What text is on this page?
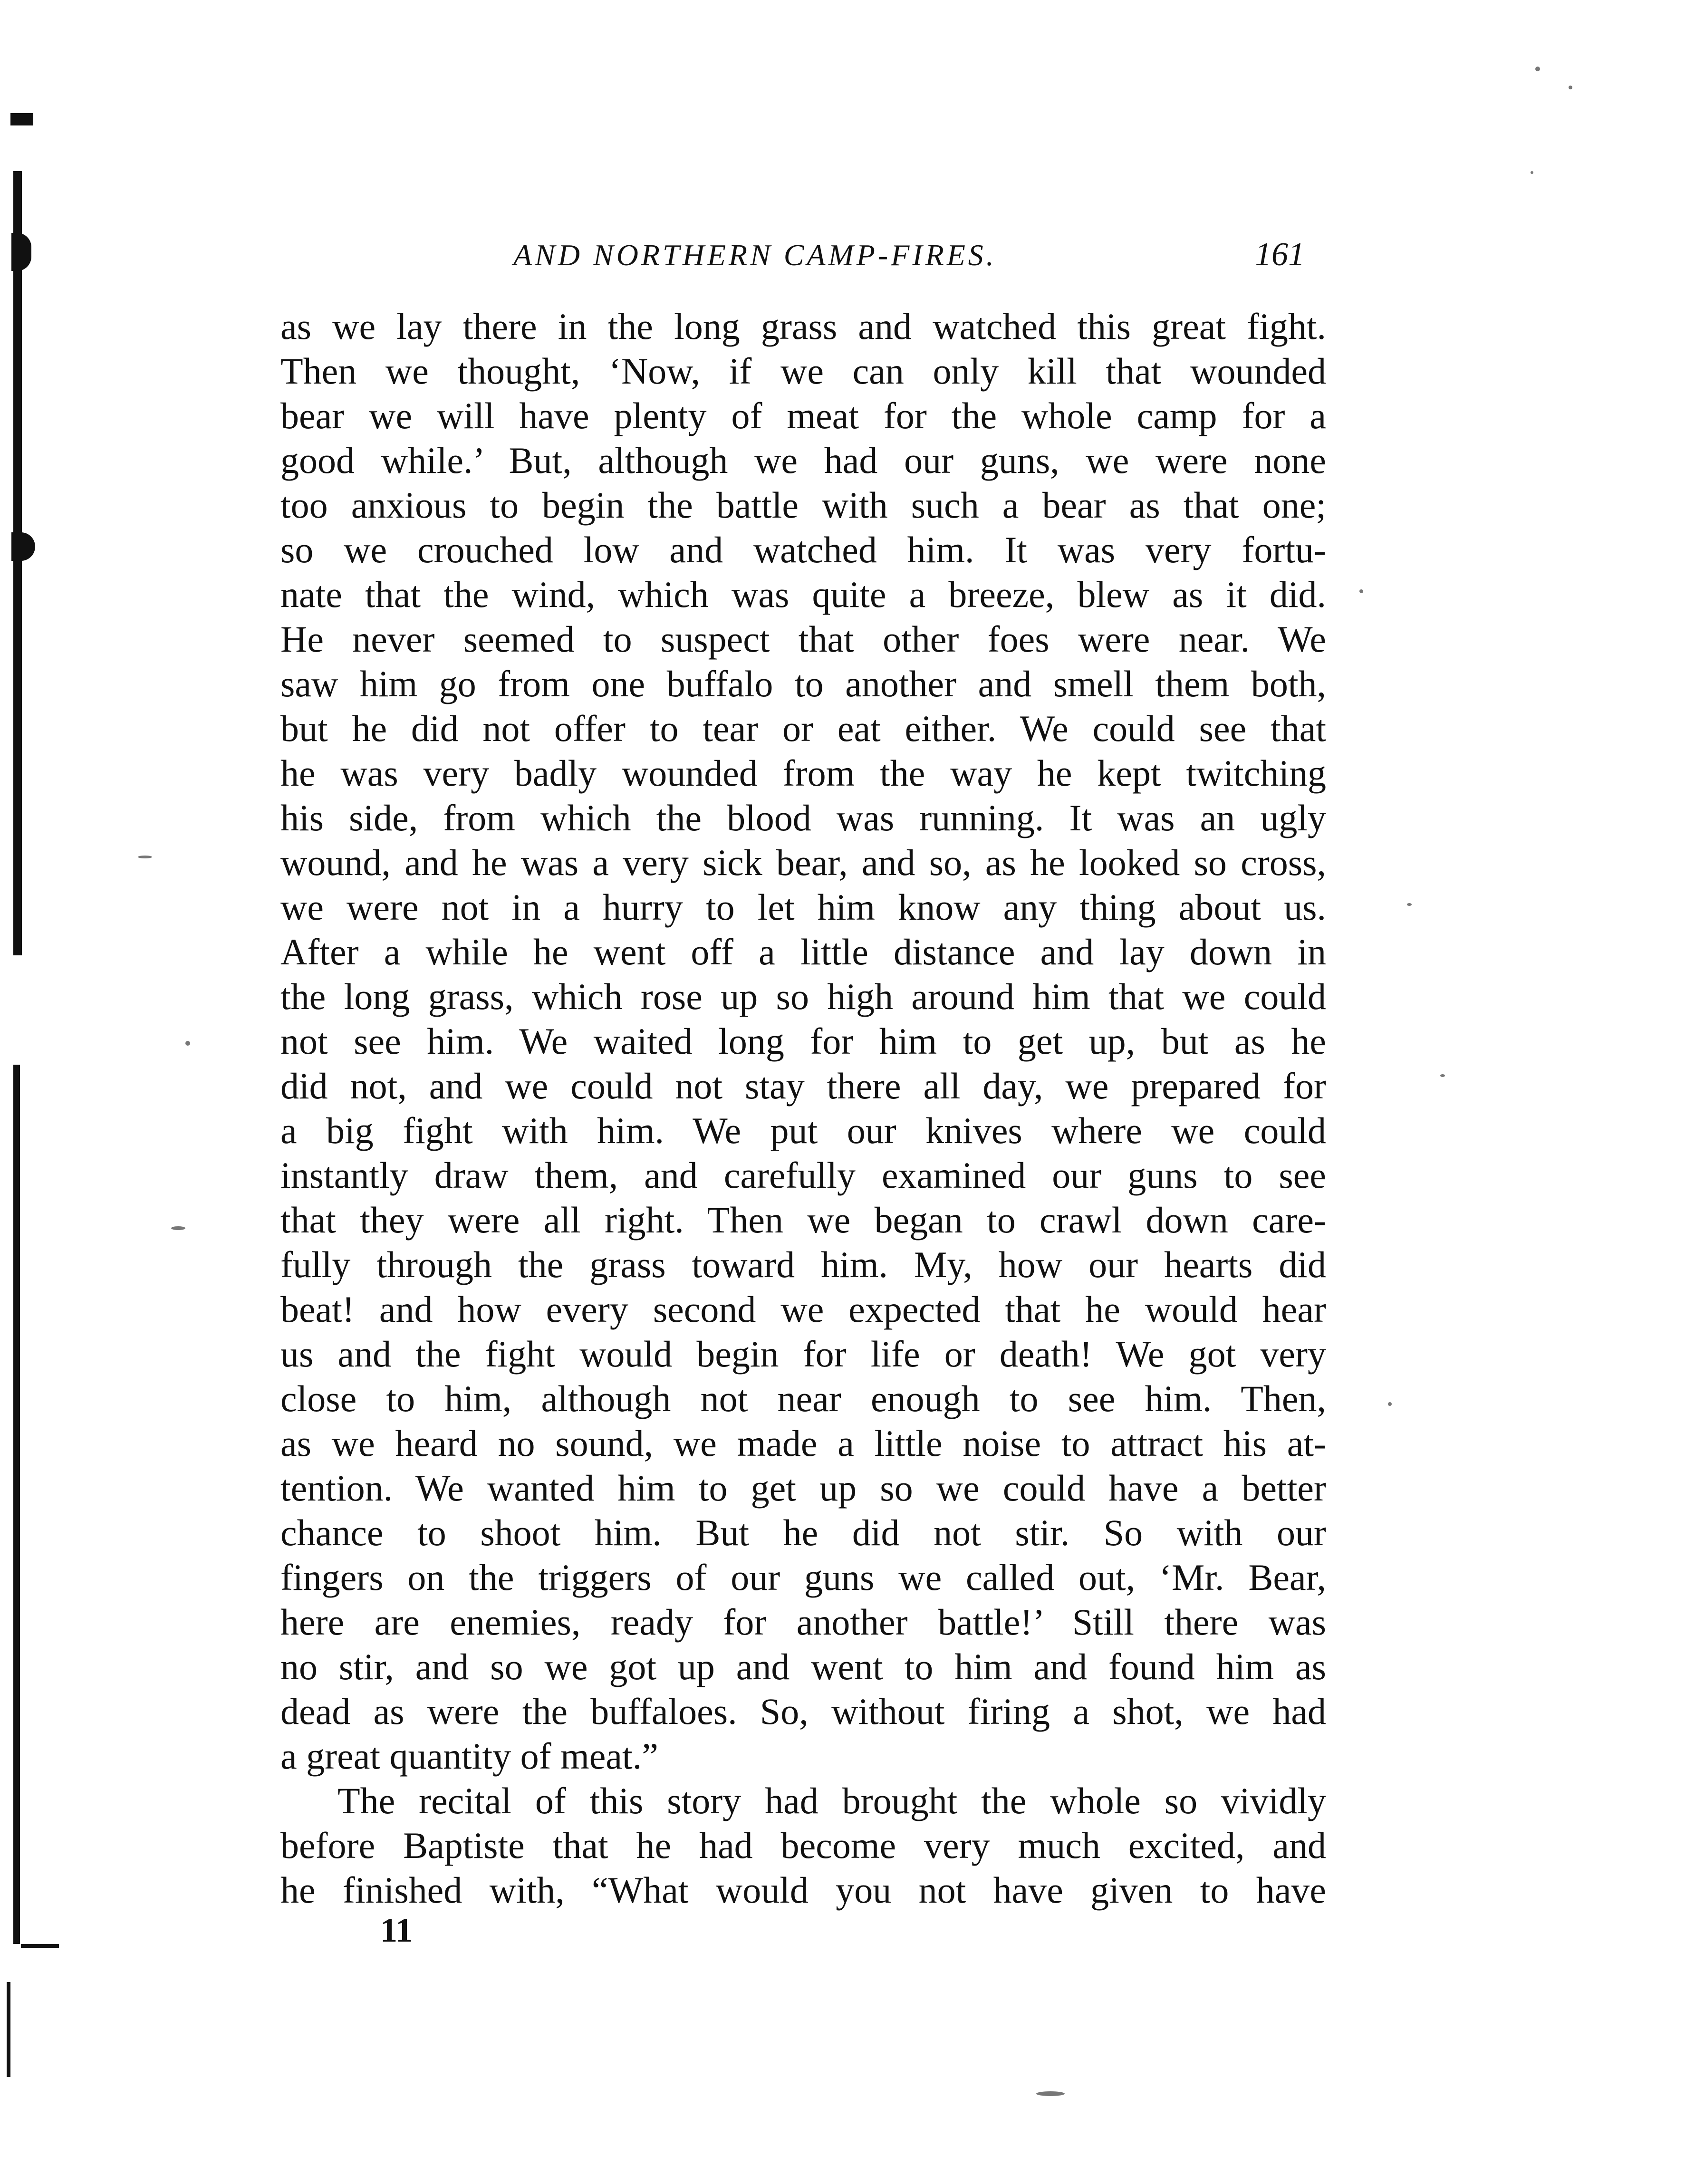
AND NORTHERN CAMP-FIRES.	161
as we lay there in the long grass and watched this great fight.
Then we thought, ‘Now, if we can only kill that wounded
bear we will have plenty of meat for the whole camp for a
good while.’ But, although we had our guns, we were none
too anxious to begin the battle with such a bear as that one;
so we crouched low and watched him. It was very fortu-
nate that the wind, which was quite a breeze, blew as it did.
He never seemed to suspect that other foes were near. We
saw him go from one buffalo to another and smell them both,
but he did not offer to tear or eat either. We could see that
he was very badly wounded from the way he kept twitching
his side, from which the blood was running. It was an ugly
wound, and he was a very sick bear, and so, as he looked so cross,
we were not in a hurry to let him know any thing about us.
After a while he went off a little distance and lay down in
the long grass, which rose up so high around him that we could
not see him. We waited long for him to get up, but as he
did not, and we could not stay there all day, we prepared for
a big fight with him. We put our knives where we could
instantly draw them, and carefully examined our guns to see
that they were all right. Then we began to crawl down care-
fully through the grass toward him. My, how our hearts did
beat! and how every second we expected that he would hear
us and the fight would begin for life or death! We got very
close to him, although not near enough to see him. Then,
as we heard no sound, we made a little noise to attract his at-
tention. We wanted him to get up so we could have a better
chance to shoot him. But he did not stir. So with our
fingers on the triggers of our guns we called out, ‘Mr. Bear,
here are enemies, ready for another battle!’ Still there was
no stir, and so we got up and went to him and found him as
dead as were the buffaloes. So, without firing a shot, we had
a great quantity of meat.”
The recital of this story had brought the whole so vividly
before Baptiste that he had become very much excited, and
he finished with, “What would you not have given to have
11
